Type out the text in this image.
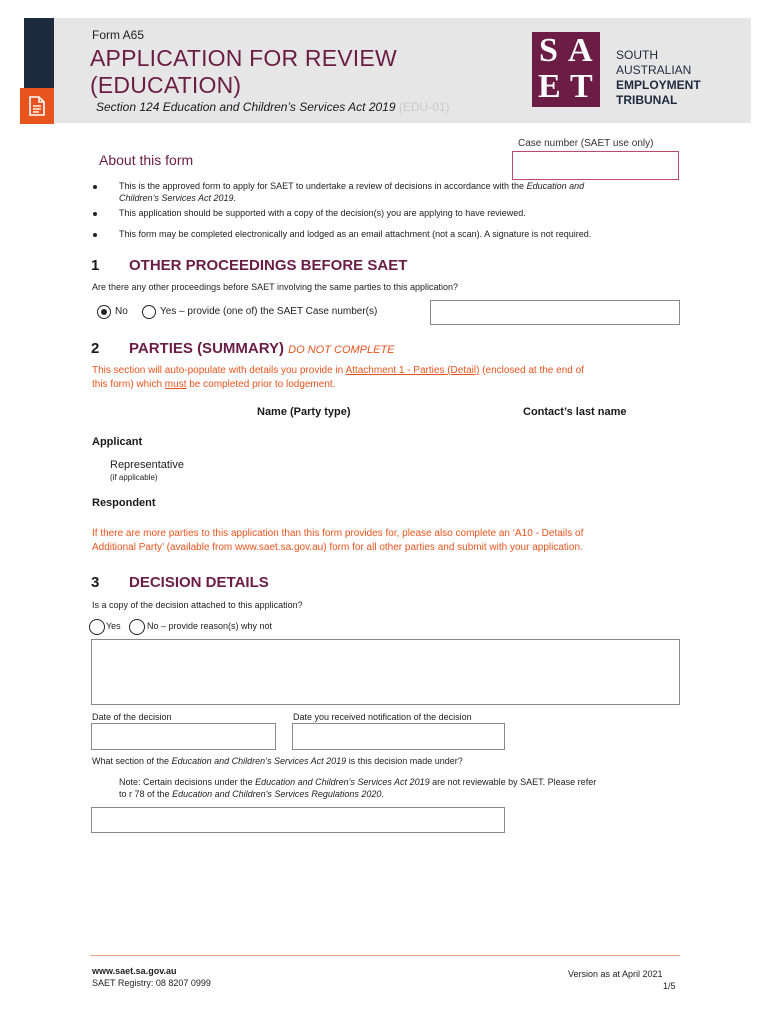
Form A65
APPLICATION FOR REVIEW
(EDUCATION)
Section 124 Education and Children’s Services Act 2019 (EDU-01)
S A
E T
SOUTH
AUSTRALIAN
EMPLOYMENT
TRIBUNAL
Case number (SAET use only)
About this form
This is the approved form to apply for SAET to undertake a review of decisions in accordance with the Education and
Children’s Services Act 2019.
This application should be supported with a copy of the decision(s) you are applying to have reviewed.
This form may be completed electronically and lodged as an email attachment (not a scan). A signature is not required.
1 OTHER PROCEEDINGS BEFORE SAET
Are there any other proceedings before SAET involving the same parties to this application?
No	Yes – provide (one of) the SAET Case number(s)
2 PARTIES (SUMMARY) DO NOT COMPLETE
This section will auto-populate with details you provide in Attachment 1 - Parties (Detail) (enclosed at the end of
this form) which must be completed prior to lodgement.
Name (Party type)	Contact’s last name
Applicant
Representative
(if applicable)
Respondent
If there are more parties to this application than this form provides for, please also complete an ‘A10 - Details of
Additional Party’ (available from www.saet.sa.gov.au) form for all other parties and submit with your application.
3 DECISION DETAILS
Is a copy of the decision attached to this application?
Yes	No – provide reason(s) why not
Date of the decision	Date you received notification of the decision
What section of the Education and Children’s Services Act 2019 is this decision made under?
Note: Certain decisions under the Education and Children's Services Act 2019 are not reviewable by SAET. Please refer
to r 78 of the Education and Children's Services Regulations 2020.
www.saet.sa.gov.au
SAET Registry: 08 8207 0999
Version as at April 2021
1/5
